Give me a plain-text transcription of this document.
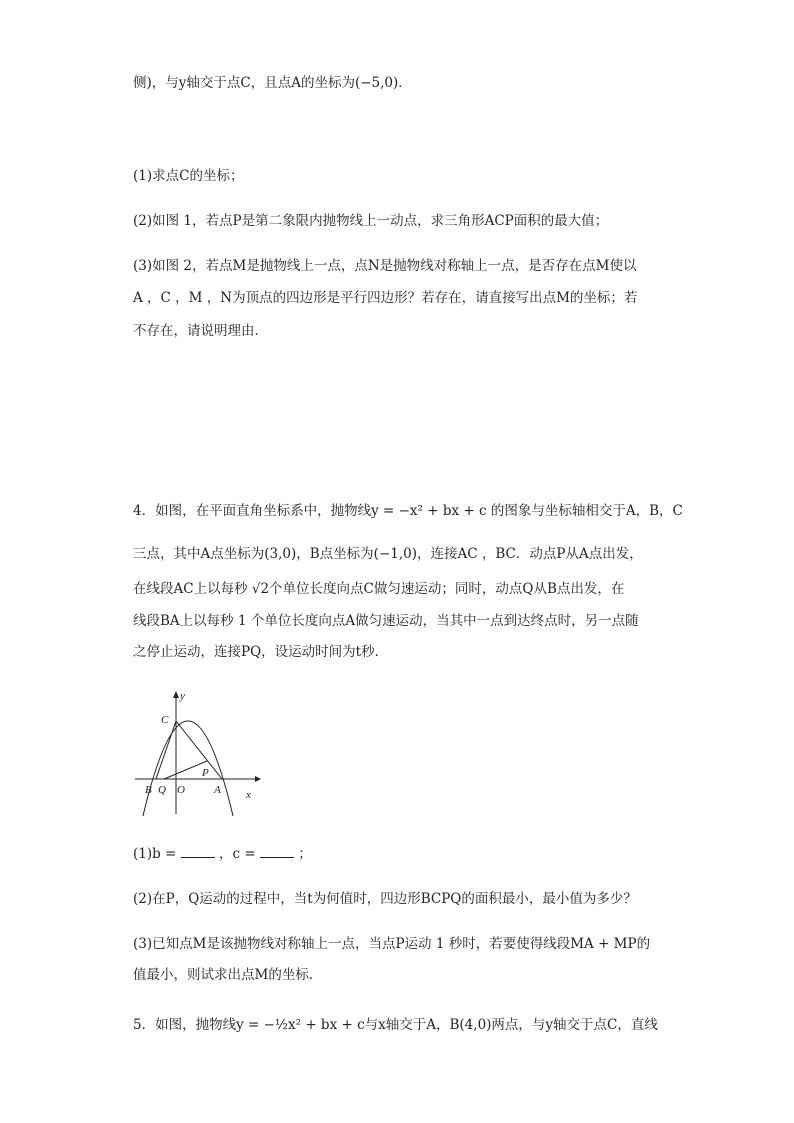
侧)，与y轴交于点C，且点A的坐标为(−5,0)．
(1)求点C的坐标；
(2)如图 1，若点P是第二象限内抛物线上一动点，求三角形ACP面积的最大值；
(3)如图 2，若点M是抛物线上一点，点N是抛物线对称轴上一点，是否存在点M使以
A ，C ，M ，N为顶点的四边形是平行四边形？若存在，请直接写出点M的坐标；若
不存在，请说明理由．
4．如图，在平面直角坐标系中，抛物线y = −x² + bx + c 的图象与坐标轴相交于A，B，C
三点，其中A点坐标为(3,0)，B点坐标为(−1,0)，连接AC ，BC．动点P从A点出发，
在线段AC上以每秒 √2个单位长度向点C做匀速运动；同时，动点Q从B点出发，在
线段BA上以每秒 1 个单位长度向点A做匀速运动，当其中一点到达终点时，另一点随
之停止运动，连接PQ，设运动时间为t秒．
y
C
P
B Q O	A x
(1)b =	，c =	；
(2)在P，Q运动的过程中，当t为何值时，四边形BCPQ的面积最小，最小值为多少？
(3)已知点M是该抛物线对称轴上一点，当点P运动 1 秒时，若要使得线段MA + MP的
值最小，则试求出点M的坐标．
5．如图，抛物线y = −½x² + bx + c与x轴交于A，B(4,0)两点，与y轴交于点C，直线
